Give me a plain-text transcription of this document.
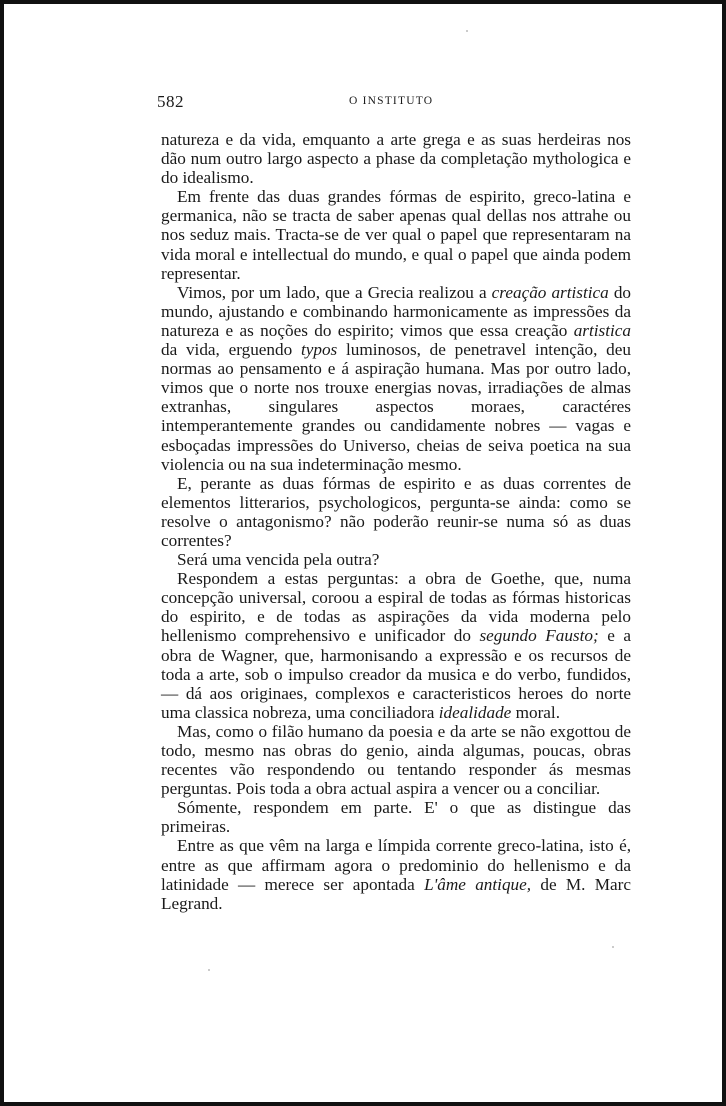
582	O INSTITUTO

natureza e da vida, emquanto a arte grega e as suas herdeiras nos dão num outro largo aspecto a phase da completação mythologica e do idealismo.

Em frente das duas grandes fórmas de espirito, greco-latina e germanica, não se tracta de saber apenas qual dellas nos attrahe ou nos seduz mais. Tracta-se de ver qual o papel que representaram na vida moral e intellectual do mundo, e qual o papel que ainda podem representar.

Vimos, por um lado, que a Grecia realizou a creação artistica do mundo, ajustando e combinando harmonicamente as impressões da natureza e as noções do espirito; vimos que essa creação artistica da vida, erguendo typos luminosos, de penetravel intenção, deu normas ao pensamento e á aspiração humana. Mas por outro lado, vimos que o norte nos trouxe energias novas, irradiações de almas extranhas, singulares aspectos moraes, caractéres intemperantemente grandes ou candidamente nobres — vagas e esboçadas impressões do Universo, cheias de seiva poetica na sua violencia ou na sua indeterminação mesmo.

E, perante as duas fórmas de espirito e as duas correntes de elementos litterarios, psychologicos, pergunta-se ainda: como se resolve o antagonismo? não poderão reunir-se numa só as duas correntes?

Será uma vencida pela outra?

Respondem a estas perguntas: a obra de Goethe, que, numa concepção universal, coroou a espiral de todas as fórmas historicas do espirito, e de todas as aspirações da vida moderna pelo hellenismo comprehensivo e unificador do segundo Fausto; e a obra de Wagner, que, harmonisando a expressão e os recursos de toda a arte, sob o impulso creador da musica e do verbo, fundidos, — dá aos originaes, complexos e caracteristicos heroes do norte uma classica nobreza, uma conciliadora idealidade moral.

Mas, como o filão humano da poesia e da arte se não exgottou de todo, mesmo nas obras do genio, ainda algumas, poucas, obras recentes vão respondendo ou tentando responder ás mesmas perguntas. Pois toda a obra actual aspira a vencer ou a conciliar.

Sómente, respondem em parte. E' o que as distingue das primeiras.

Entre as que vêm na larga e límpida corrente greco-latina, isto é, entre as que affirmam agora o predominio do hellenismo e da latinidade — merece ser apontada L'âme antique, de M. Marc Legrand.
